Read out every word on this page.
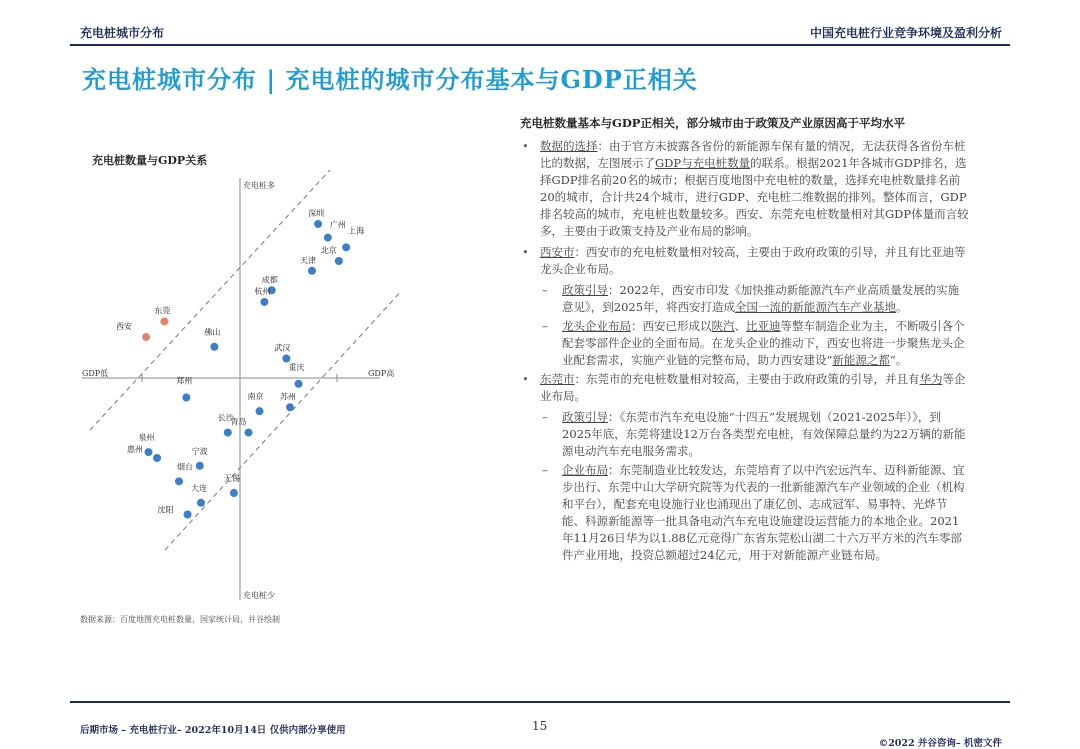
充电桩城市分布	中国充电桩行业竞争环境及盈利分析
充电桩城市分布 | 充电桩的城市分布基本与GDP正相关
充电桩数量与GDP关系
充电桩多
充电桩少
GDP低	GDP高
深圳
广州
上海
北京
天津
成都
杭州
东莞
西安
佛山
武汉
重庆
郑州
南京 苏州
长沙
青岛
泉州
惠州	宁波
烟台
无锡
大连
沈阳
数据来源：百度地图充电桩数量，国家统计局，并谷绘制
充电桩数量基本与GDP正相关，部分城市由于政策及产业原因高于平均水平
• 数据的选择：由于官方未披露各省份的新能源车保有量的情况，无法获得各省份车桩比的数据，左图展示了GDP与充电桩数量的联系。根据2021年各城市GDP排名，选择GDP排名前20名的城市；根据百度地图中充电桩的数量，选择充电桩数量排名前20的城市，合计共24个城市，进行GDP、充电桩二维数据的排列。整体而言，GDP排名较高的城市，充电桩也数量较多。西安、东莞充电桩数量相对其GDP体量而言较多，主要由于政策支持及产业布局的影响。
• 西安市：西安市的充电桩数量相对较高，主要由于政府政策的引导，并且有比亚迪等龙头企业布局。
– 政策引导：2022年，西安市印发《加快推动新能源汽车产业高质量发展的实施意见》，到2025年，将西安打造成全国一流的新能源汽车产业基地。
– 龙头企业布局：西安已形成以陕汽、比亚迪等整车制造企业为主，不断吸引各个配套零部件企业的全面布局。在龙头企业的推动下，西安也将进一步聚焦龙头企业配套需求，实施产业链的完整布局，助力西安建设“新能源之都”。
• 东莞市：东莞市的充电桩数量相对较高，主要由于政府政策的引导，并且有华为等企业布局。
– 政策引导：《东莞市汽车充电设施“十四五”发展规划（2021-2025年）》，到2025年底，东莞将建设12万台各类型充电桩，有效保障总量约为22万辆的新能源电动汽车充电服务需求。
– 企业布局：东莞制造业比较发达，东莞培育了以中汽宏远汽车、迈科新能源、宜步出行、东莞中山大学研究院等为代表的一批新能源汽车产业领域的企业（机构和平台），配套充电设施行业也涌现出了康亿创、志成冠军、易事特、光烨节能、科源新能源等一批具备电动汽车充电设施建设运营能力的本地企业。2021年11月26日华为以1.88亿元竞得广东省东莞松山湖二十六万平方米的汽车零部件产业用地，投资总额超过24亿元，用于对新能源产业链布局。
后期市场 – 充电桩行业– 2022年10月14日 仅供内部分享使用	15
©2022 并谷咨询– 机密文件
